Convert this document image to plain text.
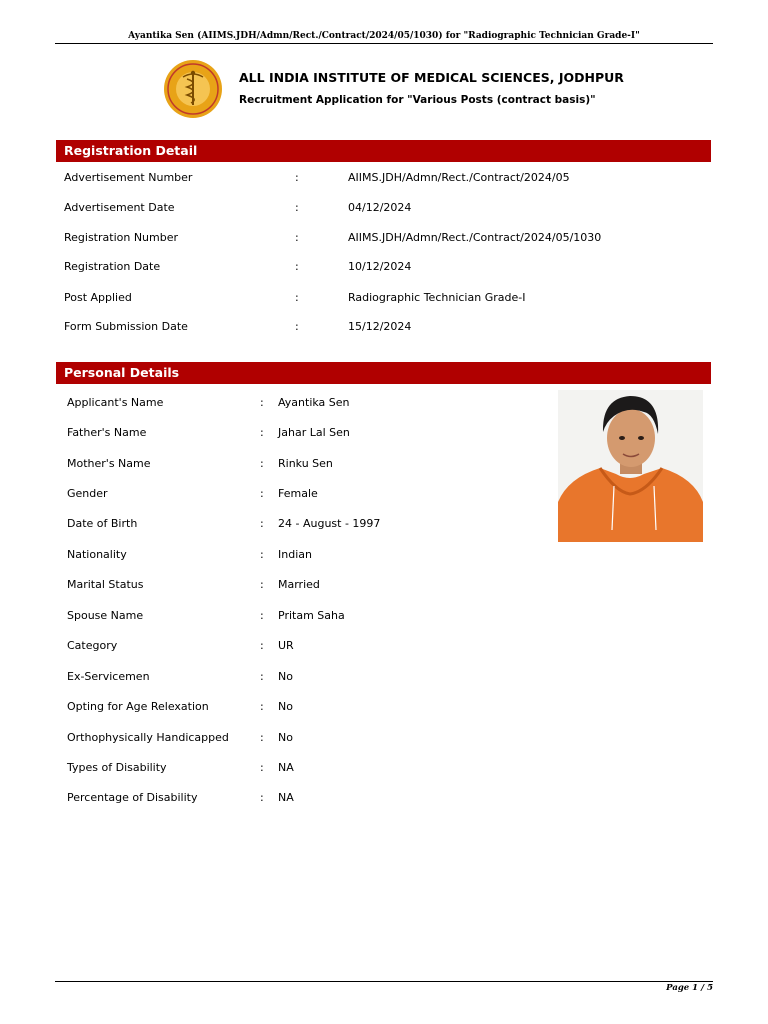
Ayantika Sen (AIIMS.JDH/Admn/Rect./Contract/2024/05/1030) for "Radiographic Technician Grade-I"
ALL INDIA INSTITUTE OF MEDICAL SCIENCES, JODHPUR
Recruitment Application for "Various Posts (contract basis)"
Registration Detail
Advertisement Number	:	AIIMS.JDH/Admn/Rect./Contract/2024/05
Advertisement Date	:	04/12/2024
Registration Number	:	AIIMS.JDH/Admn/Rect./Contract/2024/05/1030
Registration Date	:	10/12/2024
Post Applied	:	Radiographic Technician Grade-I
Form Submission Date	:	15/12/2024
Personal Details
Applicant's Name	: Ayantika Sen
Father's Name	: Jahar Lal Sen
Mother's Name	: Rinku Sen
Gender	: Female
Date of Birth	: 24 - August - 1997
Nationality	: Indian
Marital Status	: Married
Spouse Name	: Pritam Saha
Category	: UR
Ex-Servicemen	: No
Opting for Age Relexation	: No
Orthophysically Handicapped	: No
Types of Disability	: NA
Percentage of Disability	: NA
Page 1 / 5
